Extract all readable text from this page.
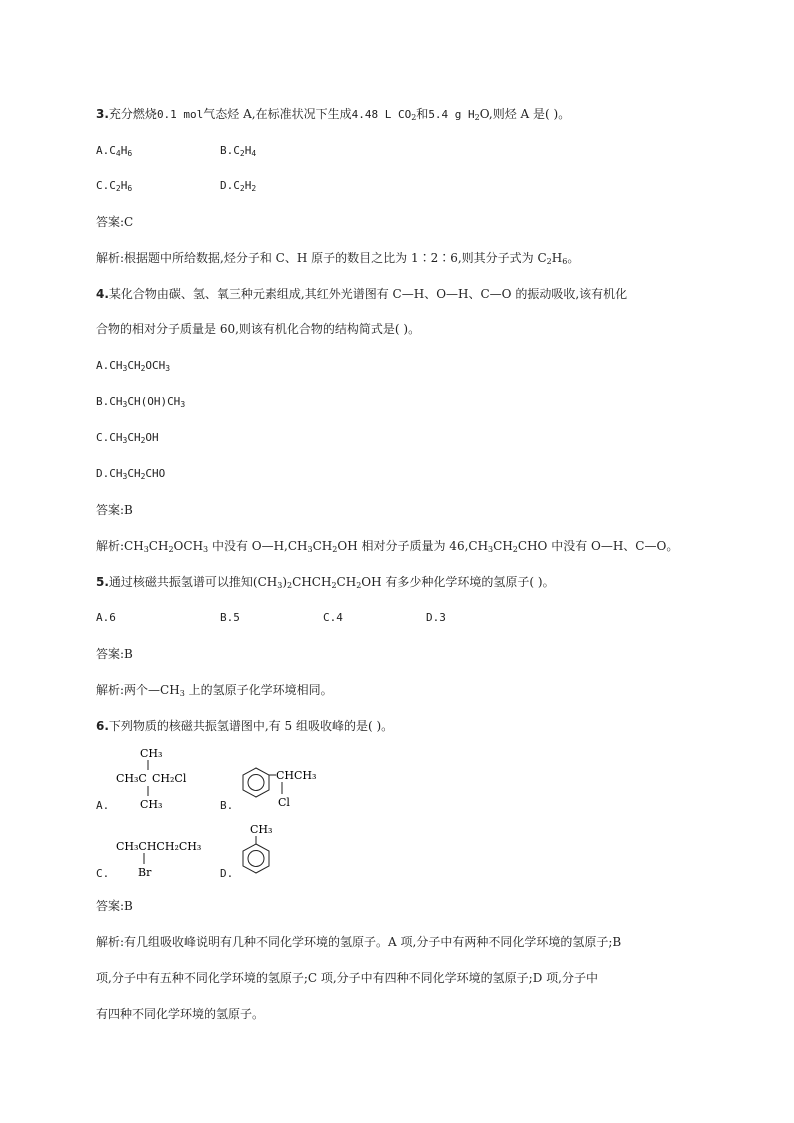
3.充分燃烧0.1 mol气态烃 A,在标准状况下生成4.48 L $CO_2$和5.4 g $H_2O$,则烃 A 是( )。
$A.C_4H_6$	$B.C_2H_4$
$C.C_2H_6$	$D.C_2H_2$
答案:C
解析:根据题中所给数据,烃分子和 C、H 原子的数目之比为 1∶2∶6,则其分子式为 $C_2H_6$。
4.某化合物由碳、氢、氧三种元素组成,其红外光谱图有 C—H、O—H、C—O 的振动吸收,该有机化
合物的相对分子质量是 60,则该有机化合物的结构简式是( )。
$A.CH_3CH_2OCH_3$
$B.CH_3CH(OH)CH_3$
$C.CH_3CH_2OH$
$D.CH_3CH_2CHO$
答案:B
解析$:CH_3CH_2OCH_3$ 中没有 $O—H,CH_3CH_2OH$ 相对分子质量为 $46,CH_3CH_2CHO$ 中没有 O—H、C—O。
5.通过核磁共振氢谱可以推知$(CH_3)_2CHCH_2CH_2OH$ 有多少种化学环境的氢原子( )。
A.6	B.5	C.4	D.3
答案:B
解析:两个$—CH_3$ 上的氢原子化学环境相同。
6.下列物质的核磁共振氢谱图中,有 5 组吸收峰的是( )。
CH₃
CH₃C CH₂Cl
CH₃
A.
CHCH₃
Cl
B.
CH₃CHCH₂CH₃
Br
C.
CH₃
D.
答案:B
解析:有几组吸收峰说明有几种不同化学环境的氢原子。A 项,分子中有两种不同化学环境的氢原子;B
项,分子中有五种不同化学环境的氢原子;C 项,分子中有四种不同化学环境的氢原子;D 项,分子中
有四种不同化学环境的氢原子。
